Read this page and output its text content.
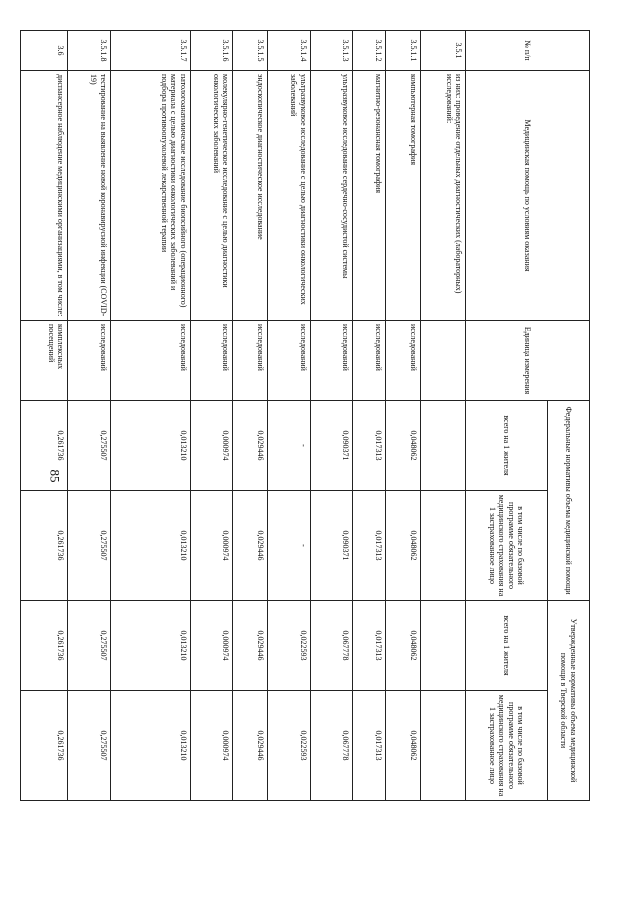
85
№ п/п	Медицинская помощь по условиям оказания	Единица измерения	Федеральные нормативы объема медицинской помощи		Утвержденные нормативы объема медицинской помощи в Тверской области	
			всего на 1 жителя	в том числе по базовой программе обязательного медицинского страхования на 1 застрахованное лицо	всего на 1 жителя	в том числе по базовой программе обязательного медицинского страхования на 1 застрахованное лицо
3.5.1	из них: проведение отдельных диагностических (лабораторных) исследований:					
3.5.1.1	компьютерная томография	исследований	0,048062	0,048062	0,048062	0,048062
3.5.1.2	магнитно-резонансная томография	исследований	0,017313	0,017313	0,017313	0,017313
3.5.1.3	ультразвуковое исследование сердечно-сосудистой системы	исследований	0,090371	0,090371	0,067778	0,067778
3.5.1.4	ультразвуковое исследование с целью диагностики онкологических заболеваний	исследований	-	-	0,022593	0,022593
3.5.1.5	эндоскопическое диагностическое исследование	исследований	0,029446	0,029446	0,029446	0,029446
3.5.1.6	молекулярно-генетическое исследование с целью диагностики онкологических заболеваний	исследований	0,000974	0,000974	0,000974	0,000974
3.5.1.7	патологоанатомическое исследование биопсийного (операционного) материала с целью диагностики онкологических заболеваний и подбора противоопухолевой лекарственной терапии	исследований	0,013210	0,013210	0,013210	0,013210
3.5.1.8	тестирование на выявление новой коронавирусной инфекции (COVID-19)	исследований	0,275507	0,275507	0,275507	0,275507
3.6	диспансерное наблюдение медицинскими организациями, в том числе:	комплексных посещений	0,261736	0,261736	0,261736	0,261736
